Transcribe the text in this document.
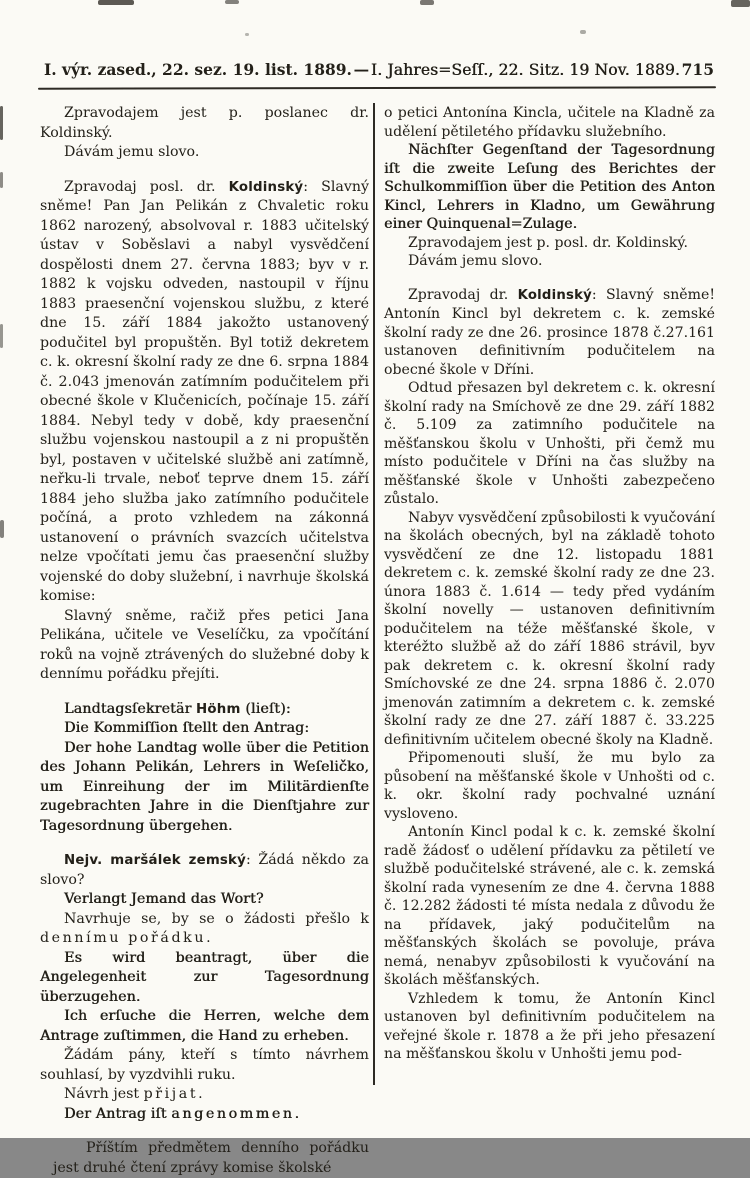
I. výr. zased., 22. sez. 19. list. 1889. — I. Jahres=Seſſ., 22. Sitz. 19 Nov. 1889. 715

Zpravodajem jest p. poslanec dr. Koldinský.

Dávám jemu slovo.

Zpravodaj posl. dr. Koldinský: Slavný sněme! Pan Jan Pelikán z Chvaletic roku 1862 narozený, absolvoval r. 1883 učitelský ústav v Soběslavi a nabyl vysvědčení dospělosti dnem 27. června 1883; byv v r. 1882 k vojsku odveden, nastoupil v říjnu 1883 praesenční vojenskou službu, z které dne 15. září 1884 jakožto ustanovený podučitel byl propuštěn. Byl totiž dekretem c. k. okresní školní rady ze dne 6. srpna 1884 č. 2.043 jmenován zatímním podučitelem při obecné škole v Klučenicích, počínaje 15. září 1884. Nebyl tedy v době, kdy praesenční službu vojenskou nastoupil a z ni propuštěn byl, postaven v učitelské službě ani zatímně, neřku-li trvale, neboť teprve dnem 15. září 1884 jeho služba jako zatímního podučitele počíná, a proto vzhledem na zákonná ustanovení o právních svazcích učitelstva nelze vpočítati jemu čas praesenční služby vojenské do doby služební, i navrhuje školská komise:

Slavný sněme, račiž přes petici Jana Pelikána, učitele ve Veselíčku, za vpočítání roků na vojně ztrávených do služebné doby k dennímu pořádku přejíti.

Landtagsſekretär Höhm (lieſt):

Die Kommiſſion ſtellt den Antrag:

Der hohe Landtag wolle über die Petition des Johann Pelikán, Lehrers in Weſeličko, um Einreihung der im Militärdienſte zugebrachten Jahre in die Dienſtjahre zur Tagesordnung übergehen.

Nejv. maršálek zemský: Žádá někdo za slovo?

Verlangt Jemand das Wort?

Navrhuje se, by se o žádosti přešlo k dennímu pořádku.

Es wird beantragt, über die Angelegenheit zur Tagesordnung überzugehen.

Ich erſuche die Herren, welche dem Antrage zuſtimmen, die Hand zu erheben.

Žádám pány, kteří s tímto návrhem souhlasí, by vyzdvihli ruku.

Návrh jest přijat.

Der Antrag iſt angenommen.

Příštím předmětem denního pořádku jest druhé čtení zprávy komise školské

o petici Antonína Kincla, učitele na Kladně za udělení pětiletého přídavku služebního.

Nächſter Gegenſtand der Tagesordnung iſt die zweite Leſung des Berichtes der Schulkommiſſion über die Petition des Anton Kincl, Lehrers in Kladno, um Gewährung einer Quinquenal=Zulage.

Zpravodajem jest p. posl. dr. Koldinský.

Dávám jemu slovo.

Zpravodaj dr. Koldinský: Slavný sněme! Antonín Kincl byl dekretem c. k. zemské školní rady ze dne 26. prosince 1878 č.27.161 ustanoven definitivním podučitelem na obecné škole v Dříni.

Odtud přesazen byl dekretem c. k. okresní školní rady na Smíchově ze dne 29. září 1882 č. 5.109 za zatimního podučitele na měšťanskou školu v Unhošti, při čemž mu místo podučitele v Dříni na čas služby na měšťanské škole v Unhošti zabezpečeno zůstalo.

Nabyv vysvědčení způsobilosti k vyučování na školách obecných, byl na základě tohoto vysvědčení ze dne 12. listopadu 1881 dekretem c. k. zemské školní rady ze dne 23. února 1883 č. 1.614 — tedy před vydáním školní novelly — ustanoven definitivním podučitelem na téže měšťanské škole, v kteréžto službě až do září 1886 strávil, byv pak dekretem c. k. okresní školní rady Smíchovské ze dne 24. srpna 1886 č. 2.070 jmenován zatimním a dekretem c. k. zemské školní rady ze dne 27. září 1887 č. 33.225 definitivním učitelem obecné školy na Kladně.

Připomenouti sluší, že mu bylo za působení na měšťanské škole v Unhošti od c. k. okr. školní rady pochvalné uznání vysloveno.

Antonín Kincl podal k c. k. zemské školní radě žádosť o udělení přídavku za pětiletí ve službě podučitelské strávené, ale c. k. zemská školní rada vynesením ze dne 4. června 1888 č. 12.282 žádosti té místa nedala z důvodu že na přídavek, jaký podučitelům na měšťanských školách se povoluje, práva nemá, nenabyv způsobilosti k vyučování na školách měšťanských.

Vzhledem k tomu, že Antonín Kincl ustanoven byl definitivním podučitelem na veřejné škole r. 1878 a že při jeho přesazení na měšťanskou školu v Unhošti jemu pod-
